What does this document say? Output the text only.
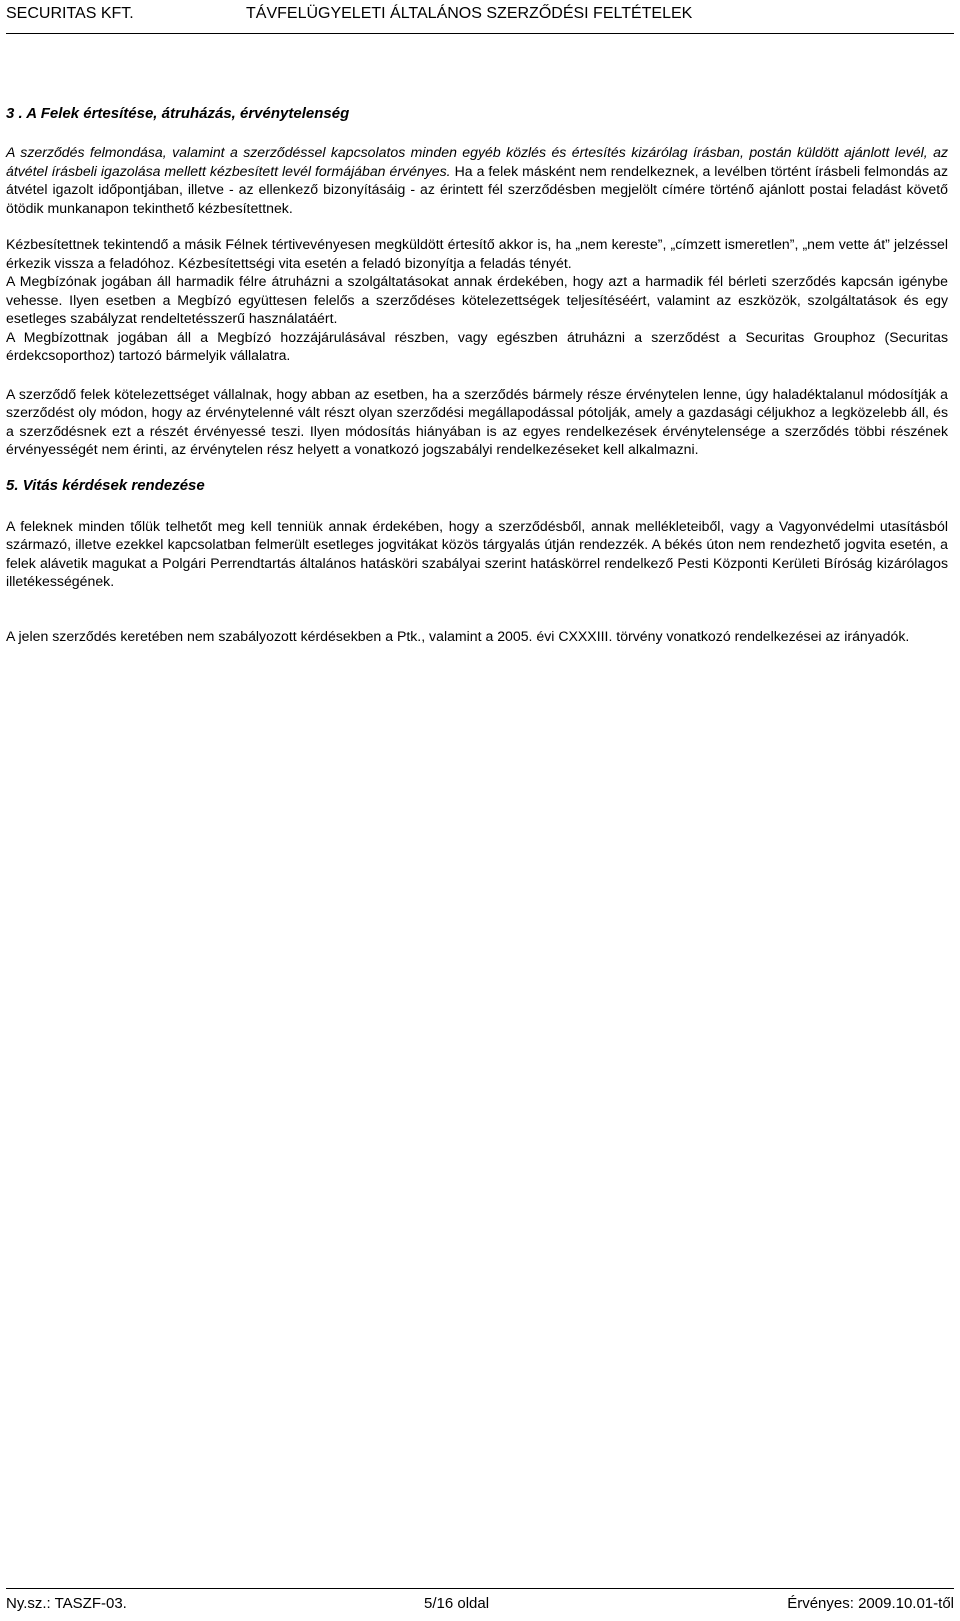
SECURITAS KFT.	TÁVFELÜGYELETI ÁLTALÁNOS SZERZŐDÉSI FELTÉTELEK
3 . A Felek értesítése, átruházás, érvénytelenség

A szerződés felmondása, valamint a szerződéssel kapcsolatos minden egyéb közlés és értesítés kizárólag írásban, postán küldött ajánlott levél, az átvétel írásbeli igazolása mellett kézbesített levél formájában érvényes. Ha a felek másként nem rendelkeznek, a levélben történt írásbeli felmondás az átvétel igazolt időpontjában, illetve - az ellenkező bizonyításáig - az érintett fél szerződésben megjelölt címére történő ajánlott postai feladást követő ötödik munkanapon tekinthető kézbesítettnek.

Kézbesítettnek tekintendő a másik Félnek tértivevényesen megküldött értesítő akkor is, ha „nem kereste”, „címzett ismeretlen”, „nem vette át” jelzéssel érkezik vissza a feladóhoz. Kézbesítettségi vita esetén a feladó bizonyítja a feladás tényét.

A Megbízónak jogában áll harmadik félre átruházni a szolgáltatásokat annak érdekében, hogy azt a harmadik fél bérleti szerződés kapcsán igénybe vehesse. Ilyen esetben a Megbízó együttesen felelős a szerződéses kötelezettségek teljesítéséért, valamint az eszközök, szolgáltatások és egy esetleges szabályzat rendeltetésszerű használatáért.

A Megbízottnak jogában áll a Megbízó hozzájárulásával részben, vagy egészben átruházni a szerződést a Securitas Grouphoz (Securitas érdekcsoporthoz) tartozó bármelyik vállalatra.

A szerződő felek kötelezettséget vállalnak, hogy abban az esetben, ha a szerződés bármely része érvénytelen lenne, úgy haladéktalanul módosítják a szerződést oly módon, hogy az érvénytelenné vált részt olyan szerződési megállapodással pótolják, amely a gazdasági céljukhoz a legközelebb áll, és a szerződésnek ezt a részét érvényessé teszi. Ilyen módosítás hiányában is az egyes rendelkezések érvénytelensége a szerződés többi részének érvényességét nem érinti, az érvénytelen rész helyett a vonatkozó jogszabályi rendelkezéseket kell alkalmazni.

5. Vitás kérdések rendezése

A feleknek minden tőlük telhetőt meg kell tenniük annak érdekében, hogy a szerződésből, annak mellékleteiből, vagy a Vagyonvédelmi utasításból származó, illetve ezekkel kapcsolatban felmerült esetleges jogvitákat közös tárgyalás útján rendezzék. A békés úton nem rendezhető jogvita esetén, a felek alávetik magukat a Polgári Perrendtartás általános hatásköri szabályai szerint hatáskörrel rendelkező Pesti Központi Kerületi Bíróság kizárólagos illetékességének.

A jelen szerződés keretében nem szabályozott kérdésekben a Ptk., valamint a 2005. évi CXXXIII. törvény vonatkozó rendelkezései az irányadók.

Ny.sz.: TASZF-03.	5/16 oldal	Érvényes: 2009.10.01-től
